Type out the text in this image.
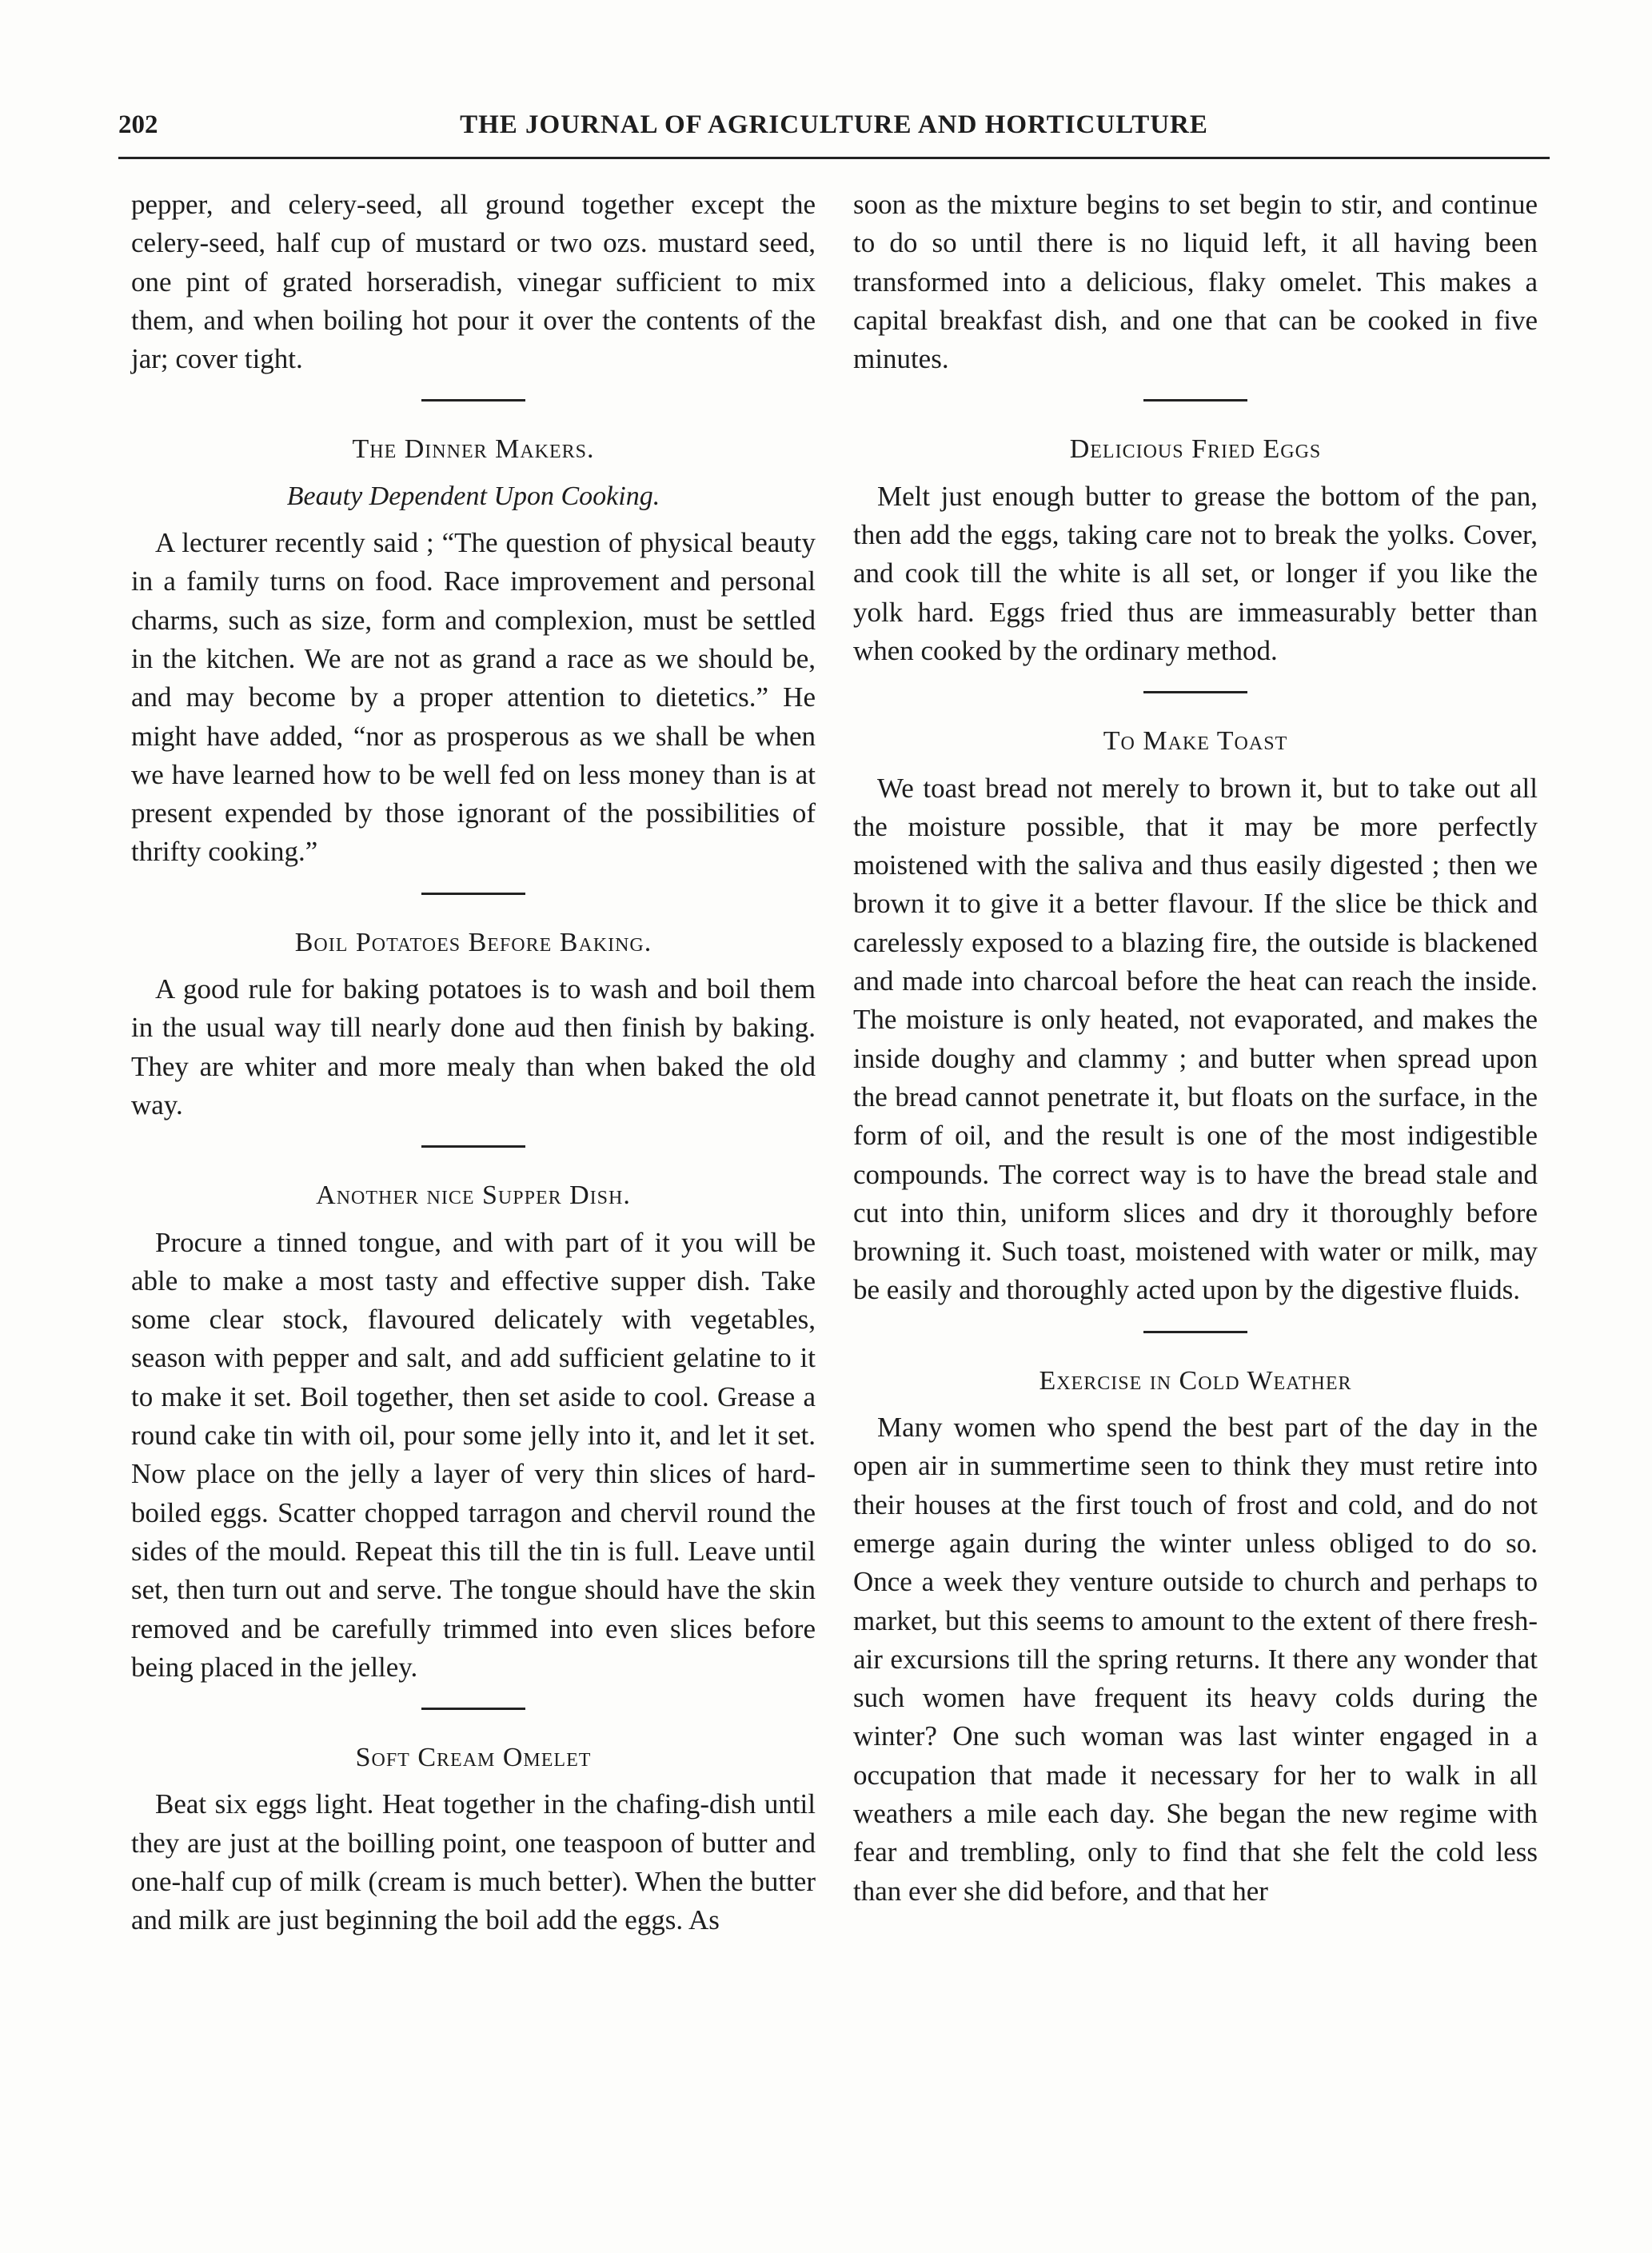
202	THE JOURNAL OF AGRICULTURE AND HORTICULTURE

pepper, and celery-seed, all ground together except the celery-seed, half cup of mustard or two ozs. mustard seed, one pint of grated horseradish, vinegar sufficient to mix them, and when boiling hot pour it over the contents of the jar; cover tight.

The Dinner Makers.
Beauty Dependent Upon Cooking.

A lecturer recently said ; “The question of physical beauty in a family turns on food. Race improvement and personal charms, such as size, form and complexion, must be settled in the kitchen. We are not as grand a race as we should be, and may become by a proper attention to dietetics.” He might have added, “nor as prosperous as we shall be when we have learned how to be well fed on less money than is at present expended by those ignorant of the possibilities of thrifty cooking.”

Boil Potatoes Before Baking.

A good rule for baking potatoes is to wash and boil them in the usual way till nearly done aud then finish by baking. They are whiter and more mealy than when baked the old way.

Another nice Supper Dish.

Procure a tinned tongue, and with part of it you will be able to make a most tasty and effective supper dish. Take some clear stock, flavoured delicately with vegetables, season with pepper and salt, and add sufficient gelatine to it to make it set. Boil together, then set aside to cool. Grease a round cake tin with oil, pour some jelly into it, and let it set. Now place on the jelly a layer of very thin slices of hard-boiled eggs. Scatter chopped tarragon and chervil round the sides of the mould. Repeat this till the tin is full. Leave until set, then turn out and serve. The tongue should have the skin removed and be carefully trimmed into even slices before being placed in the jelley.

Soft Cream Omelet

Beat six eggs light. Heat together in the chafing-dish until they are just at the boilling point, one teaspoon of butter and one-half cup of milk (cream is much better). When the butter and milk are just beginning the boil add the eggs. As

soon as the mixture begins to set begin to stir, and continue to do so until there is no liquid left, it all having been transformed into a delicious, flaky omelet. This makes a capital breakfast dish, and one that can be cooked in five minutes.

Delicious Fried Eggs

Melt just enough butter to grease the bottom of the pan, then add the eggs, taking care not to break the yolks. Cover, and cook till the white is all set, or longer if you like the yolk hard. Eggs fried thus are immeasurably better than when cooked by the ordinary method.

To Make Toast

We toast bread not merely to brown it, but to take out all the moisture possible, that it may be more perfectly moistened with the saliva and thus easily digested ; then we brown it to give it a better flavour. If the slice be thick and carelessly exposed to a blazing fire, the outside is blackened and made into charcoal before the heat can reach the inside. The moisture is only heated, not evaporated, and makes the inside doughy and clammy ; and butter when spread upon the bread cannot penetrate it, but floats on the surface, in the form of oil, and the result is one of the most indigestible compounds. The correct way is to have the bread stale and cut into thin, uniform slices and dry it thoroughly before browning it. Such toast, moistened with water or milk, may be easily and thoroughly acted upon by the digestive fluids.

Exercise in Cold Weather

Many women who spend the best part of the day in the open air in summertime seen to think they must retire into their houses at the first touch of frost and cold, and do not emerge again during the winter unless obliged to do so. Once a week they venture outside to church and perhaps to market, but this seems to amount to the extent of there fresh-air excursions till the spring returns. It there any wonder that such women have frequent its heavy colds during the winter? One such woman was last winter engaged in a occupation that made it necessary for her to walk in all weathers a mile each day. She began the new regime with fear and trembling, only to find that she felt the cold less than ever she did before, and that her
